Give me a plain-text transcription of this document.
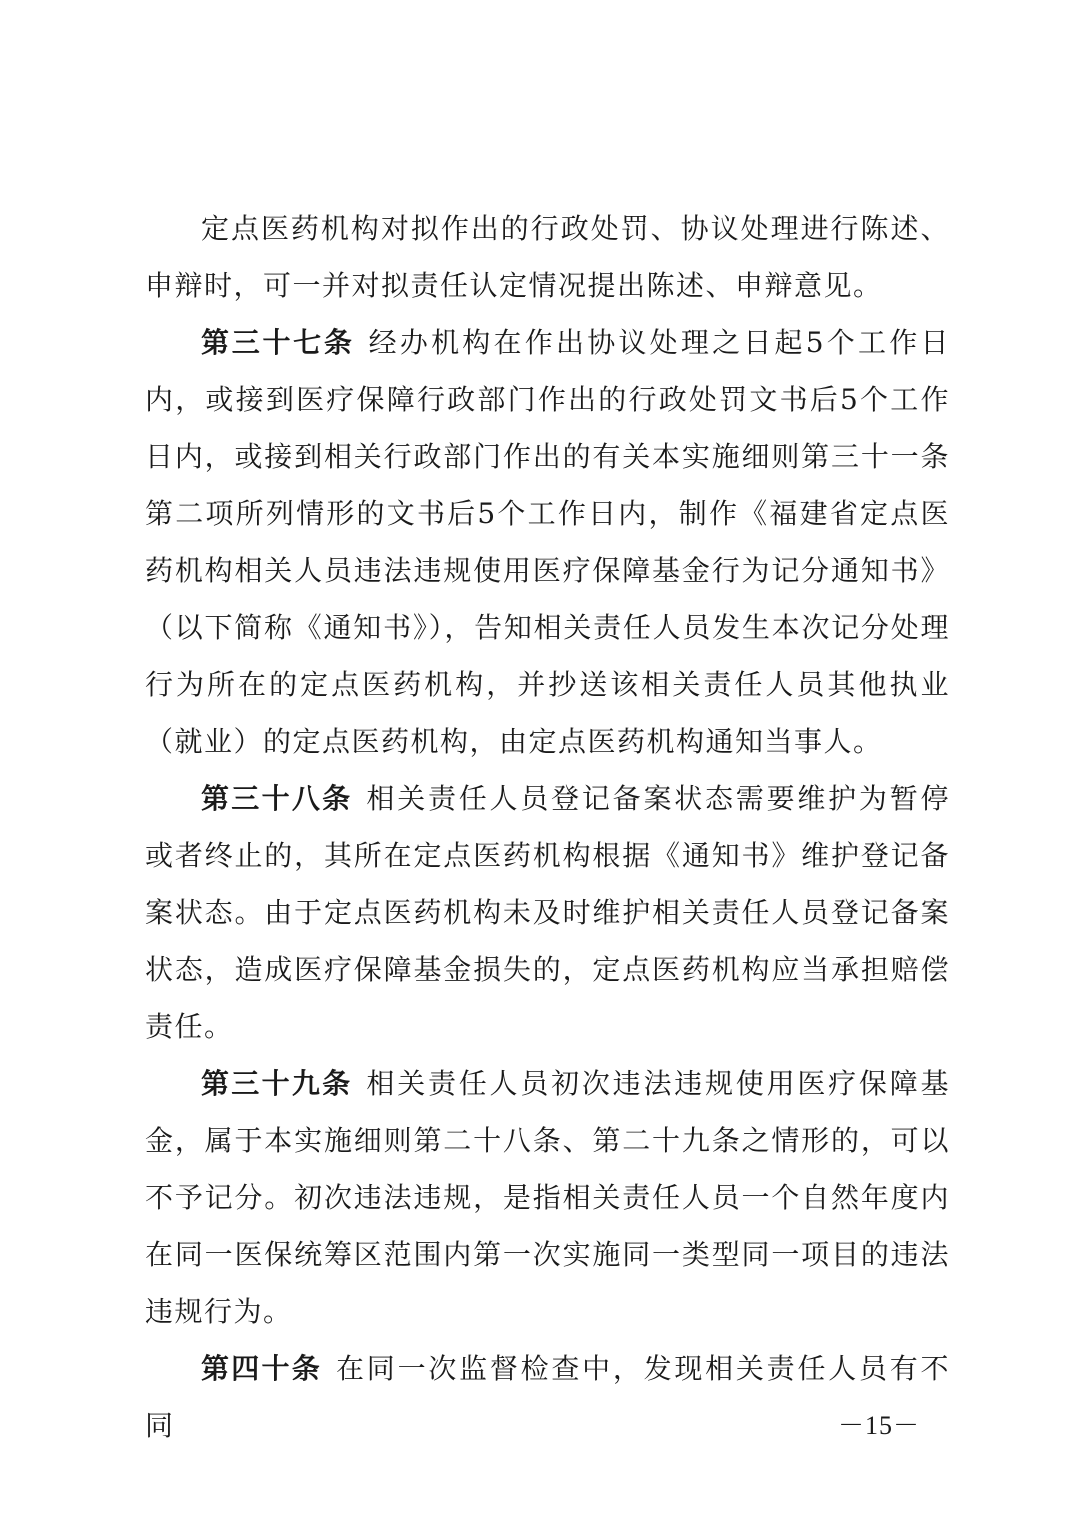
定点医药机构对拟作出的行政处罚、协议处理进行陈述、申辩时，可一并对拟责任认定情况提出陈述、申辩意见。

第三十七条 经办机构在作出协议处理之日起5个工作日内，或接到医疗保障行政部门作出的行政处罚文书后5个工作日内，或接到相关行政部门作出的有关本实施细则第三十一条第二项所列情形的文书后5个工作日内，制作《福建省定点医药机构相关人员违法违规使用医疗保障基金行为记分通知书》（以下简称《通知书》），告知相关责任人员发生本次记分处理行为所在的定点医药机构，并抄送该相关责任人员其他执业（就业）的定点医药机构，由定点医药机构通知当事人。

第三十八条 相关责任人员登记备案状态需要维护为暂停或者终止的，其所在定点医药机构根据《通知书》维护登记备案状态。由于定点医药机构未及时维护相关责任人员登记备案状态，造成医疗保障基金损失的，定点医药机构应当承担赔偿责任。

第三十九条 相关责任人员初次违法违规使用医疗保障基金，属于本实施细则第二十八条、第二十九条之情形的，可以不予记分。初次违法违规，是指相关责任人员一个自然年度内在同一医保统筹区范围内第一次实施同一类型同一项目的违法违规行为。

第四十条 在同一次监督检查中，发现相关责任人员有不同	－15－
